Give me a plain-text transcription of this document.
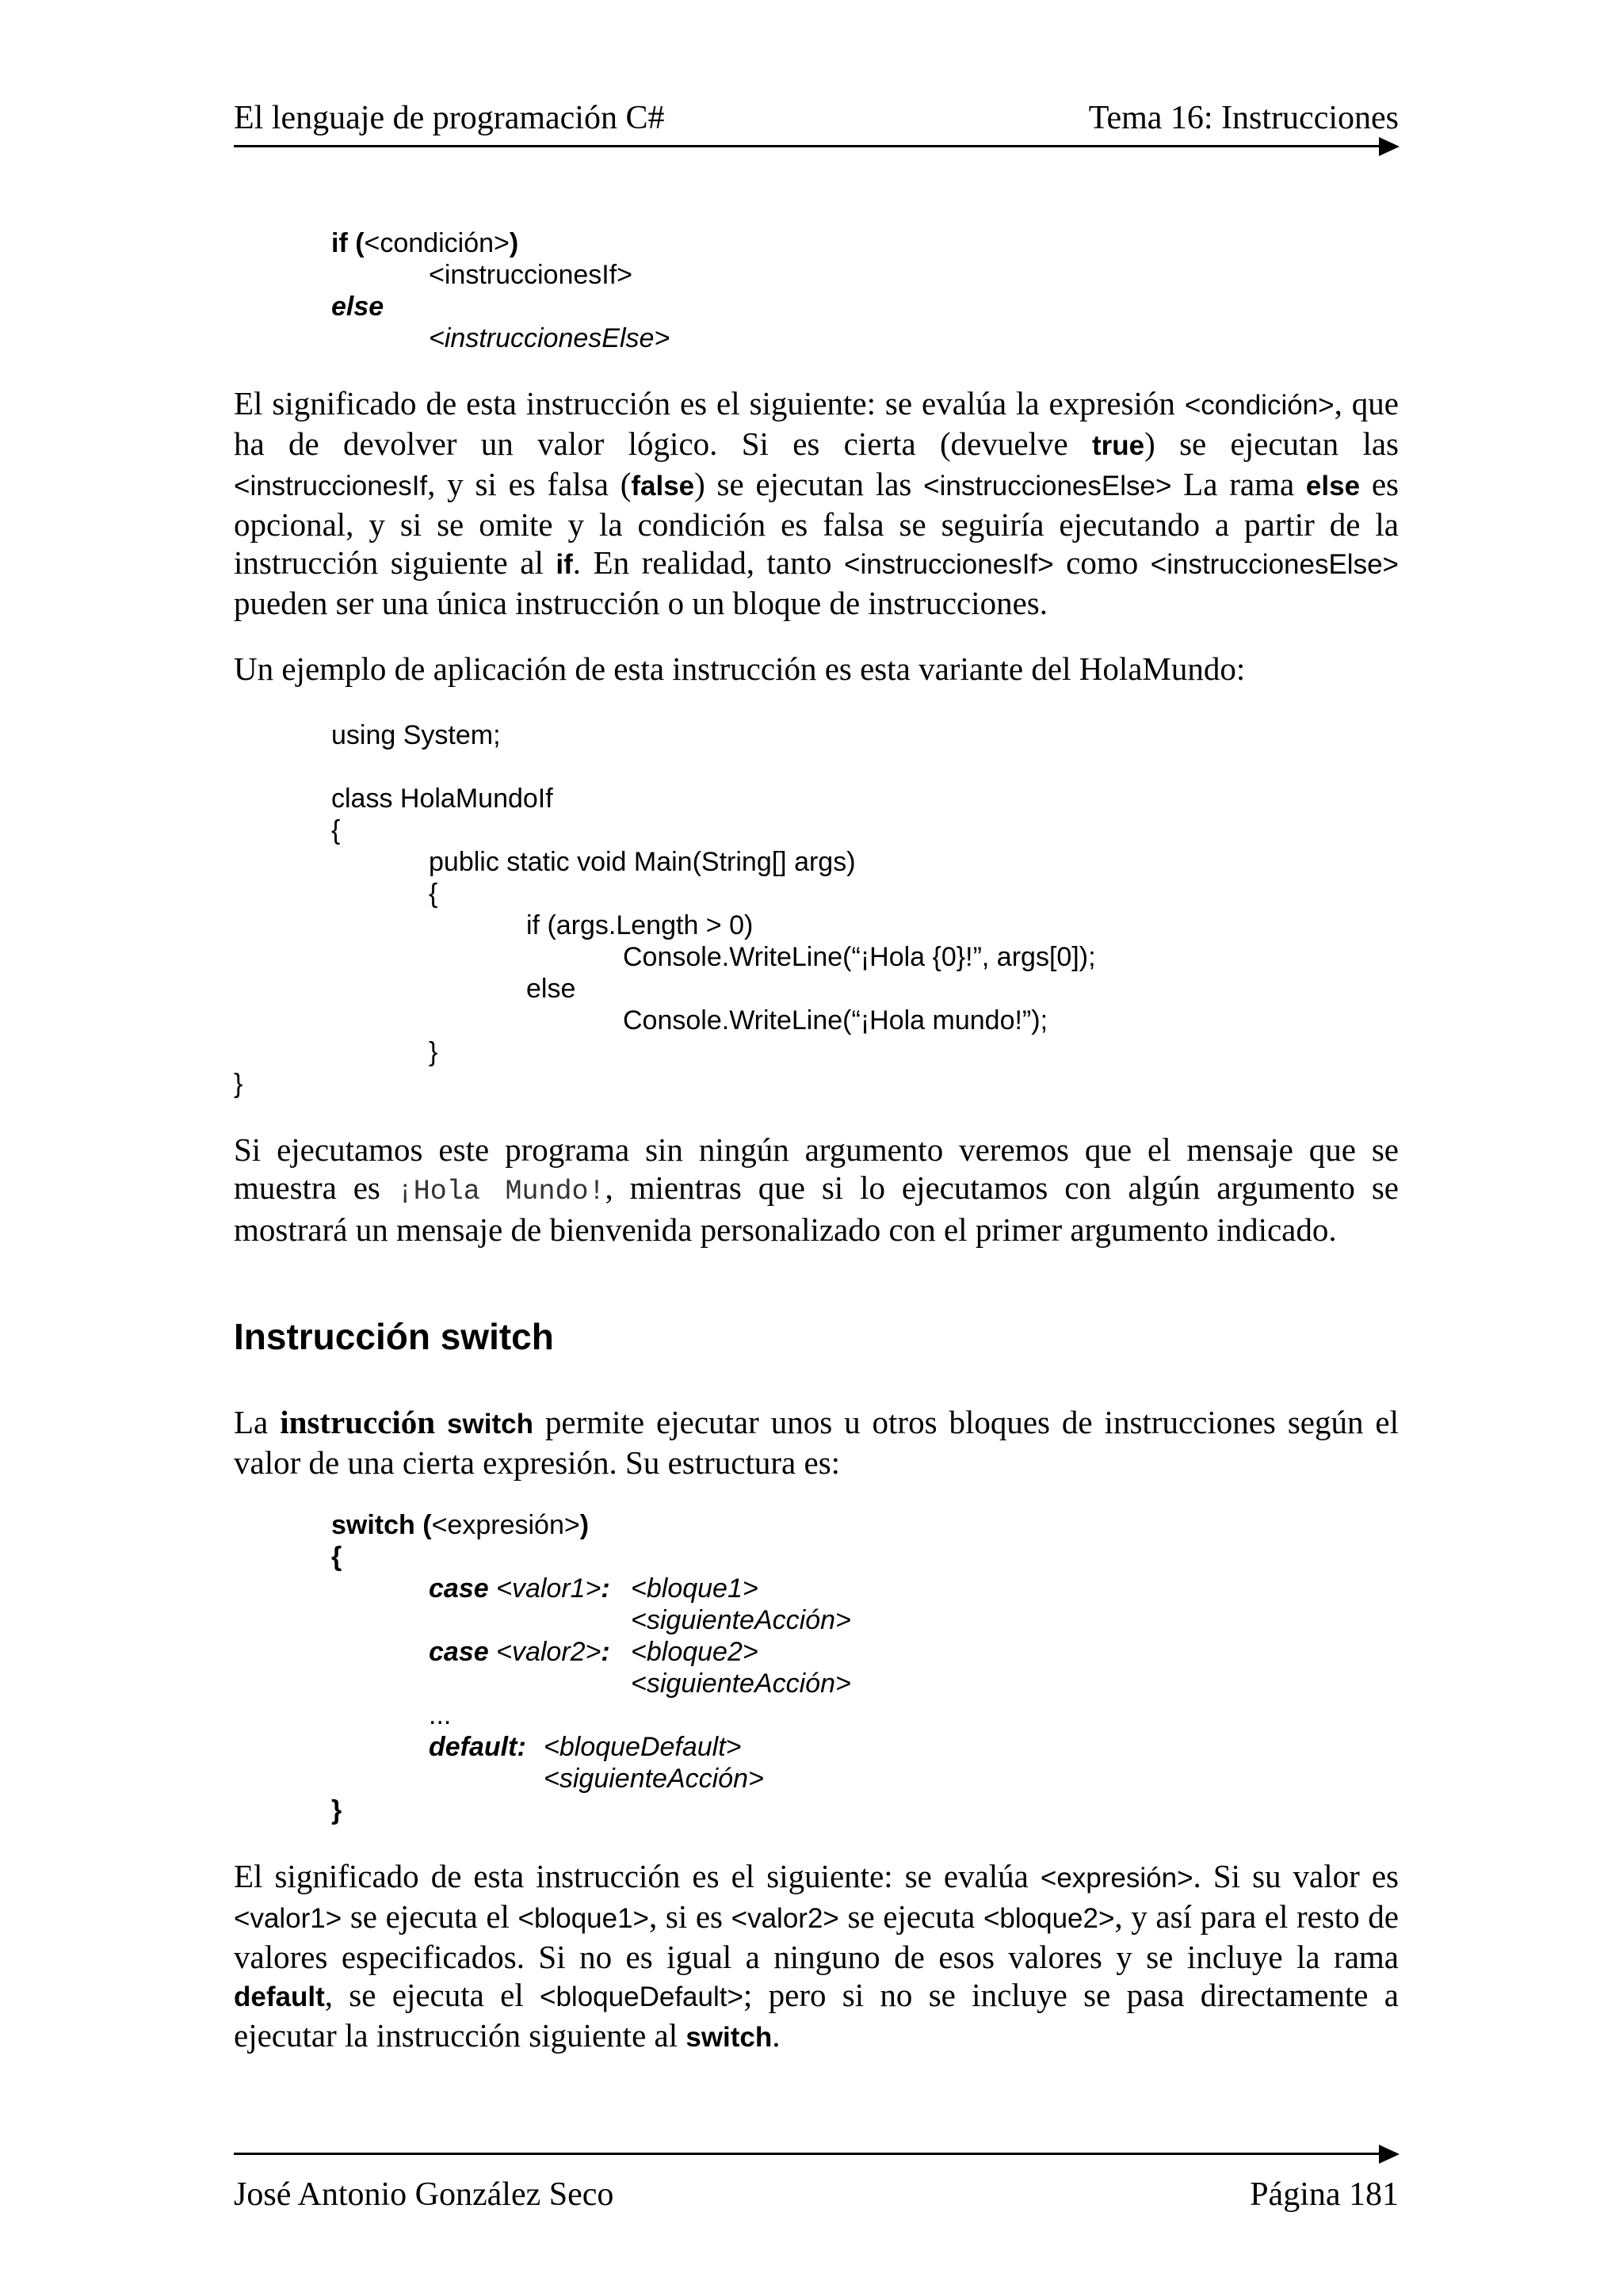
El lenguaje de programación C#	Tema 16: Instrucciones
if (<condición>)
<instruccionesIf>
else
<instruccionesElse>
El significado de esta instrucción es el siguiente: se evalúa la expresión <condición>, que ha de devolver un valor lógico. Si es cierta (devuelve true) se ejecutan las <instruccionesIf, y si es falsa (false) se ejecutan las <instruccionesElse> La rama else es opcional, y si se omite y la condición es falsa se seguiría ejecutando a partir de la instrucción siguiente al if. En realidad, tanto <instruccionesIf> como <instruccionesElse> pueden ser una única instrucción o un bloque de instrucciones.
Un ejemplo de aplicación de esta instrucción es esta variante del HolaMundo:
using System;
class HolaMundoIf
{
public static void Main(String[] args)
{
if (args.Length > 0)
Console.WriteLine(“¡Hola {0}!”, args[0]);
else
Console.WriteLine(“¡Hola mundo!”);
}
}
Si ejecutamos este programa sin ningún argumento veremos que el mensaje que se muestra es ¡Hola Mundo!, mientras que si lo ejecutamos con algún argumento se mostrará un mensaje de bienvenida personalizado con el primer argumento indicado.
Instrucción switch
La instrucción switch permite ejecutar unos u otros bloques de instrucciones según el valor de una cierta expresión. Su estructura es:
switch (<expresión>)
{
case <valor1>: <bloque1>
<siguienteAcción>
case <valor2>: <bloque2>
<siguienteAcción>
...
default: <bloqueDefault>
<siguienteAcción>
}
El significado de esta instrucción es el siguiente: se evalúa <expresión>. Si su valor es <valor1> se ejecuta el <bloque1>, si es <valor2> se ejecuta <bloque2>, y así para el resto de valores especificados. Si no es igual a ninguno de esos valores y se incluye la rama default, se ejecuta el <bloqueDefault>; pero si no se incluye se pasa directamente a ejecutar la instrucción siguiente al switch.
José Antonio González Seco	Página 181
